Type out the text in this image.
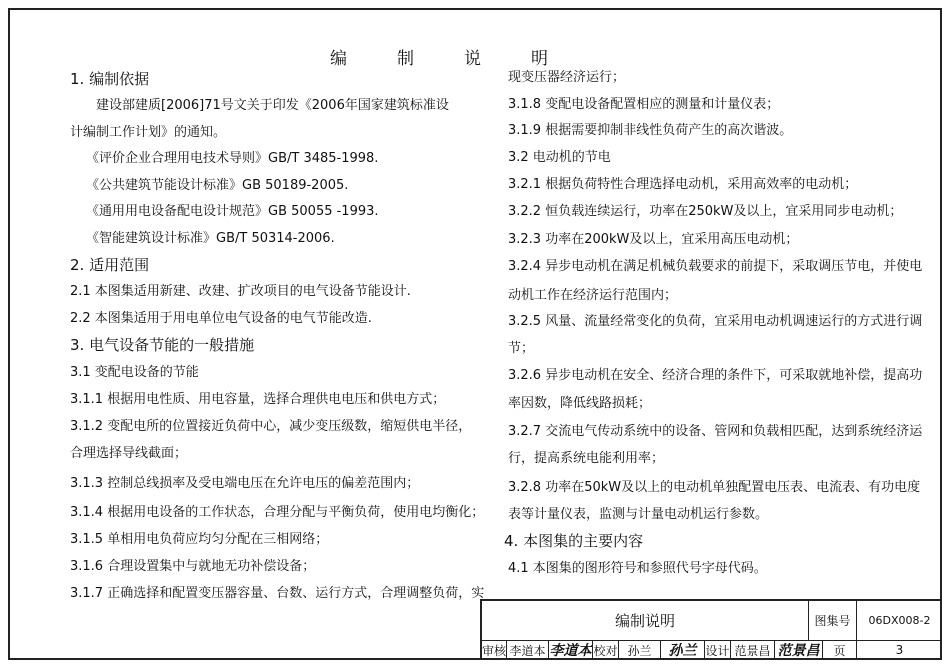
编	制	说	明

1. 编制依据

建设部建质[2006]71号文关于印发《2006年国家建筑标准设

计编制工作计划》的通知。

《评价企业合理用电技术导则》GB/T 3485-1998.

《公共建筑节能设计标准》GB 50189-2005.

《通用用电设备配电设计规范》GB 50055 -1993.

《智能建筑设计标准》GB/T 50314-2006.

2. 适用范围

2.1 本图集适用新建、改建、扩改项目的电气设备节能设计.

2.2 本图集适用于用电单位电气设备的电气节能改造.

3. 电气设备节能的一般措施

3.1 变配电设备的节能

3.1.1 根据用电性质、用电容量，选择合理供电电压和供电方式；

3.1.2 变配电所的位置接近负荷中心，减少变压级数，缩短供电半径，

合理选择导线截面；

3.1.3 控制总线损率及受电端电压在允许电压的偏差范围内；

3.1.4 根据用电设备的工作状态，合理分配与平衡负荷，使用电均衡化；

3.1.5 单相用电负荷应均匀分配在三相网络；

3.1.6 合理设置集中与就地无功补偿设备；

3.1.7 正确选择和配置变压器容量、台数、运行方式，合理调整负荷，实

现变压器经济运行；

3.1.8 变配电设备配置相应的测量和计量仪表；

3.1.9 根据需要抑制非线性负荷产生的高次谐波。

3.2 电动机的节电

3.2.1 根据负荷特性合理选择电动机，采用高效率的电动机；

3.2.2 恒负载连续运行，功率在250kW及以上，宜采用同步电动机；

3.2.3 功率在200kW及以上，宜采用高压电动机；

3.2.4 异步电动机在满足机械负载要求的前提下，采取调压节电，并使电

动机工作在经济运行范围内；

3.2.5 风量、流量经常变化的负荷，宜采用电动机调速运行的方式进行调

节；

3.2.6 异步电动机在安全、经济合理的条件下，可采取就地补偿，提高功

率因数，降低线路损耗；

3.2.7 交流电气传动系统中的设备、管网和负载相匹配，达到系统经济运

行，提高系统电能利用率；

3.2.8 功率在50kW及以上的电动机单独配置电压表、电流表、有功电度

表等计量仪表，监测与计量电动机运行参数。

4. 本图集的主要内容

4.1 本图集的图形符号和参照代号字母代码。

编制说明	图集号	06DX008-2
审核 李道本 李道本 校对 孙兰	孙兰 设计 范景昌 范景昌	页	3
